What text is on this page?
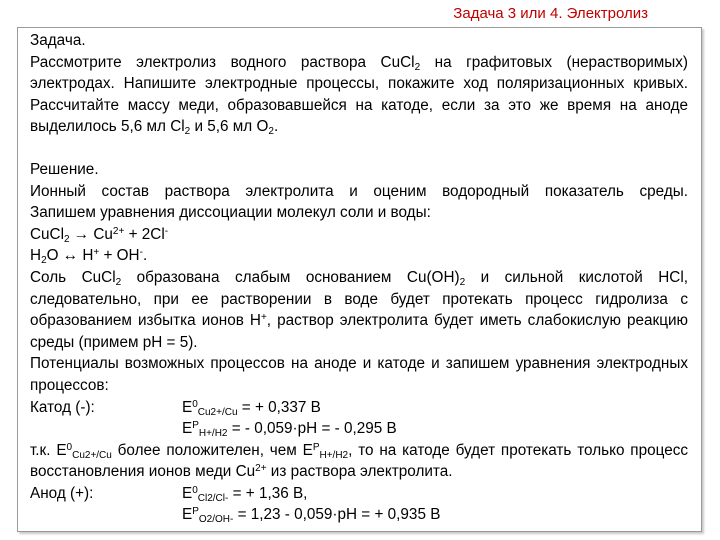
Задача 3 или 4. Электролиз

Задача.

Рассмотрите электролиз водного раствора CuCl$_2$ на графитовых (нерастворимых) электродах. Напишите электродные процессы, покажите ход поляризационных кривых. Рассчитайте массу меди, образовавшейся на катоде, если за это же время на аноде выделилось 5,6 мл $Cl_2$ и 5,6 мл $O_2$.

Решение.

Ионный состав раствора электролита и оценим водородный показатель среды.

Запишем уравнения диссоциации молекул соли и воды:

CuCl$_2$ → $Cu^{2+} + 2Cl^-$

$H_2O$ ↔ H+ + OH-.

Соль CuCl$_2$ образована слабым основанием $Cu(OH)_2$ и сильной кислотой HCl, следовательно, при ее растворении в воде будет протекать процесс гидролиза с образованием избытка ионов H+, раствор электролита будет иметь слабокислую реакцию среды (примем pH = 5).

Потенциалы возможных процессов на аноде и катоде и запишем уравнения электродных процессов:

Катод (-):	$E^0_{Cu2+/Cu}$ = + 0,337 В

$E^P_{H+/H2}$ = - 0,059·pH = - 0,295 В

т.к. $E^0_{Cu2+/Cu}$ более положителен, чем $E^P_{H+/H2}$, то на катоде будет протекать только процесс восстановления ионов меди $Cu^{2+}$ из раствора электролита.

Анод (+):	$E^0_{Cl2/Cl-}$ = + 1,36 В,

$E^P_{O2/OH-} = 1,23 - 0,059\cdot pH$ = + 0,935 В
